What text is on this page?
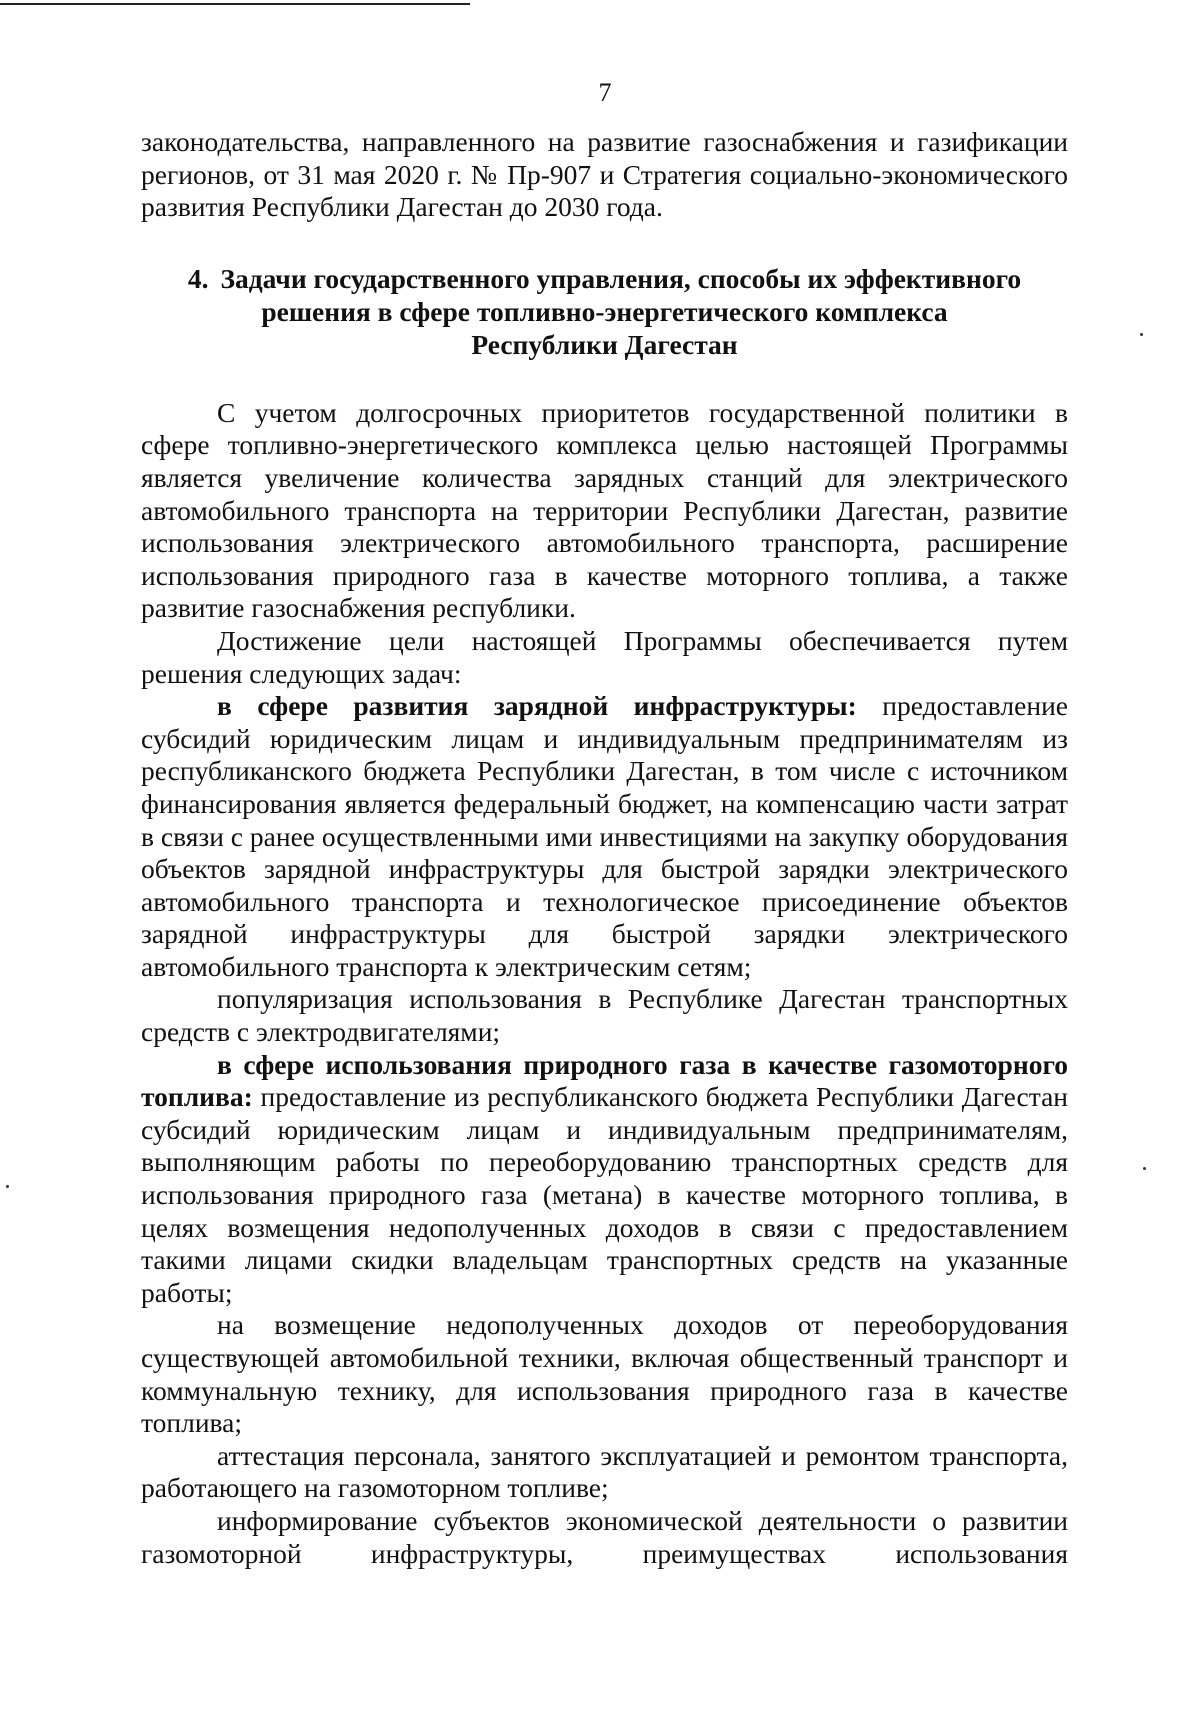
7

законодательства, направленного на развитие газоснабжения и газификации регионов, от 31 мая 2020 г. № Пр-907 и Стратегия социально-экономического развития Республики Дагестан до 2030 года.

4. Задачи государственного управления, способы их эффективного
решения в сфере топливно-энергетического комплекса
Республики Дагестан

С учетом долгосрочных приоритетов государственной политики в сфере топливно-энергетического комплекса целью настоящей Программы является увеличение количества зарядных станций для электрического автомобильного транспорта на территории Республики Дагестан, развитие использования электрического автомобильного транспорта, расширение использования природного газа в качестве моторного топлива, а также развитие газоснабжения республики.

Достижение цели настоящей Программы обеспечивается путем решения следующих задач:

в сфере развития зарядной инфраструктуры: предоставление субсидий юридическим лицам и индивидуальным предпринимателям из республиканского бюджета Республики Дагестан, в том числе с источником финансирования является федеральный бюджет, на компенсацию части затрат в связи с ранее осуществленными ими инвестициями на закупку оборудования объектов зарядной инфраструктуры для быстрой зарядки электрического автомобильного транспорта и технологическое присоединение объектов зарядной инфраструктуры для быстрой зарядки электрического автомобильного транспорта к электрическим сетям;

популяризация использования в Республике Дагестан транспортных средств с электродвигателями;

в сфере использования природного газа в качестве газомоторного топлива: предоставление из республиканского бюджета Республики Дагестан субсидий юридическим лицам и индивидуальным предпринимателям, выполняющим работы по переоборудованию транспортных средств для использования природного газа (метана) в качестве моторного топлива, в целях возмещения недополученных доходов в связи с предоставлением такими лицами скидки владельцам транспортных средств на указанные работы;

на возмещение недополученных доходов от переоборудования существующей автомобильной техники, включая общественный транспорт и коммунальную технику, для использования природного газа в качестве топлива;

аттестация персонала, занятого эксплуатацией и ремонтом транспорта, работающего на газомоторном топливе;

информирование субъектов экономической деятельности о развитии газомоторной инфраструктуры, преимуществах использования
